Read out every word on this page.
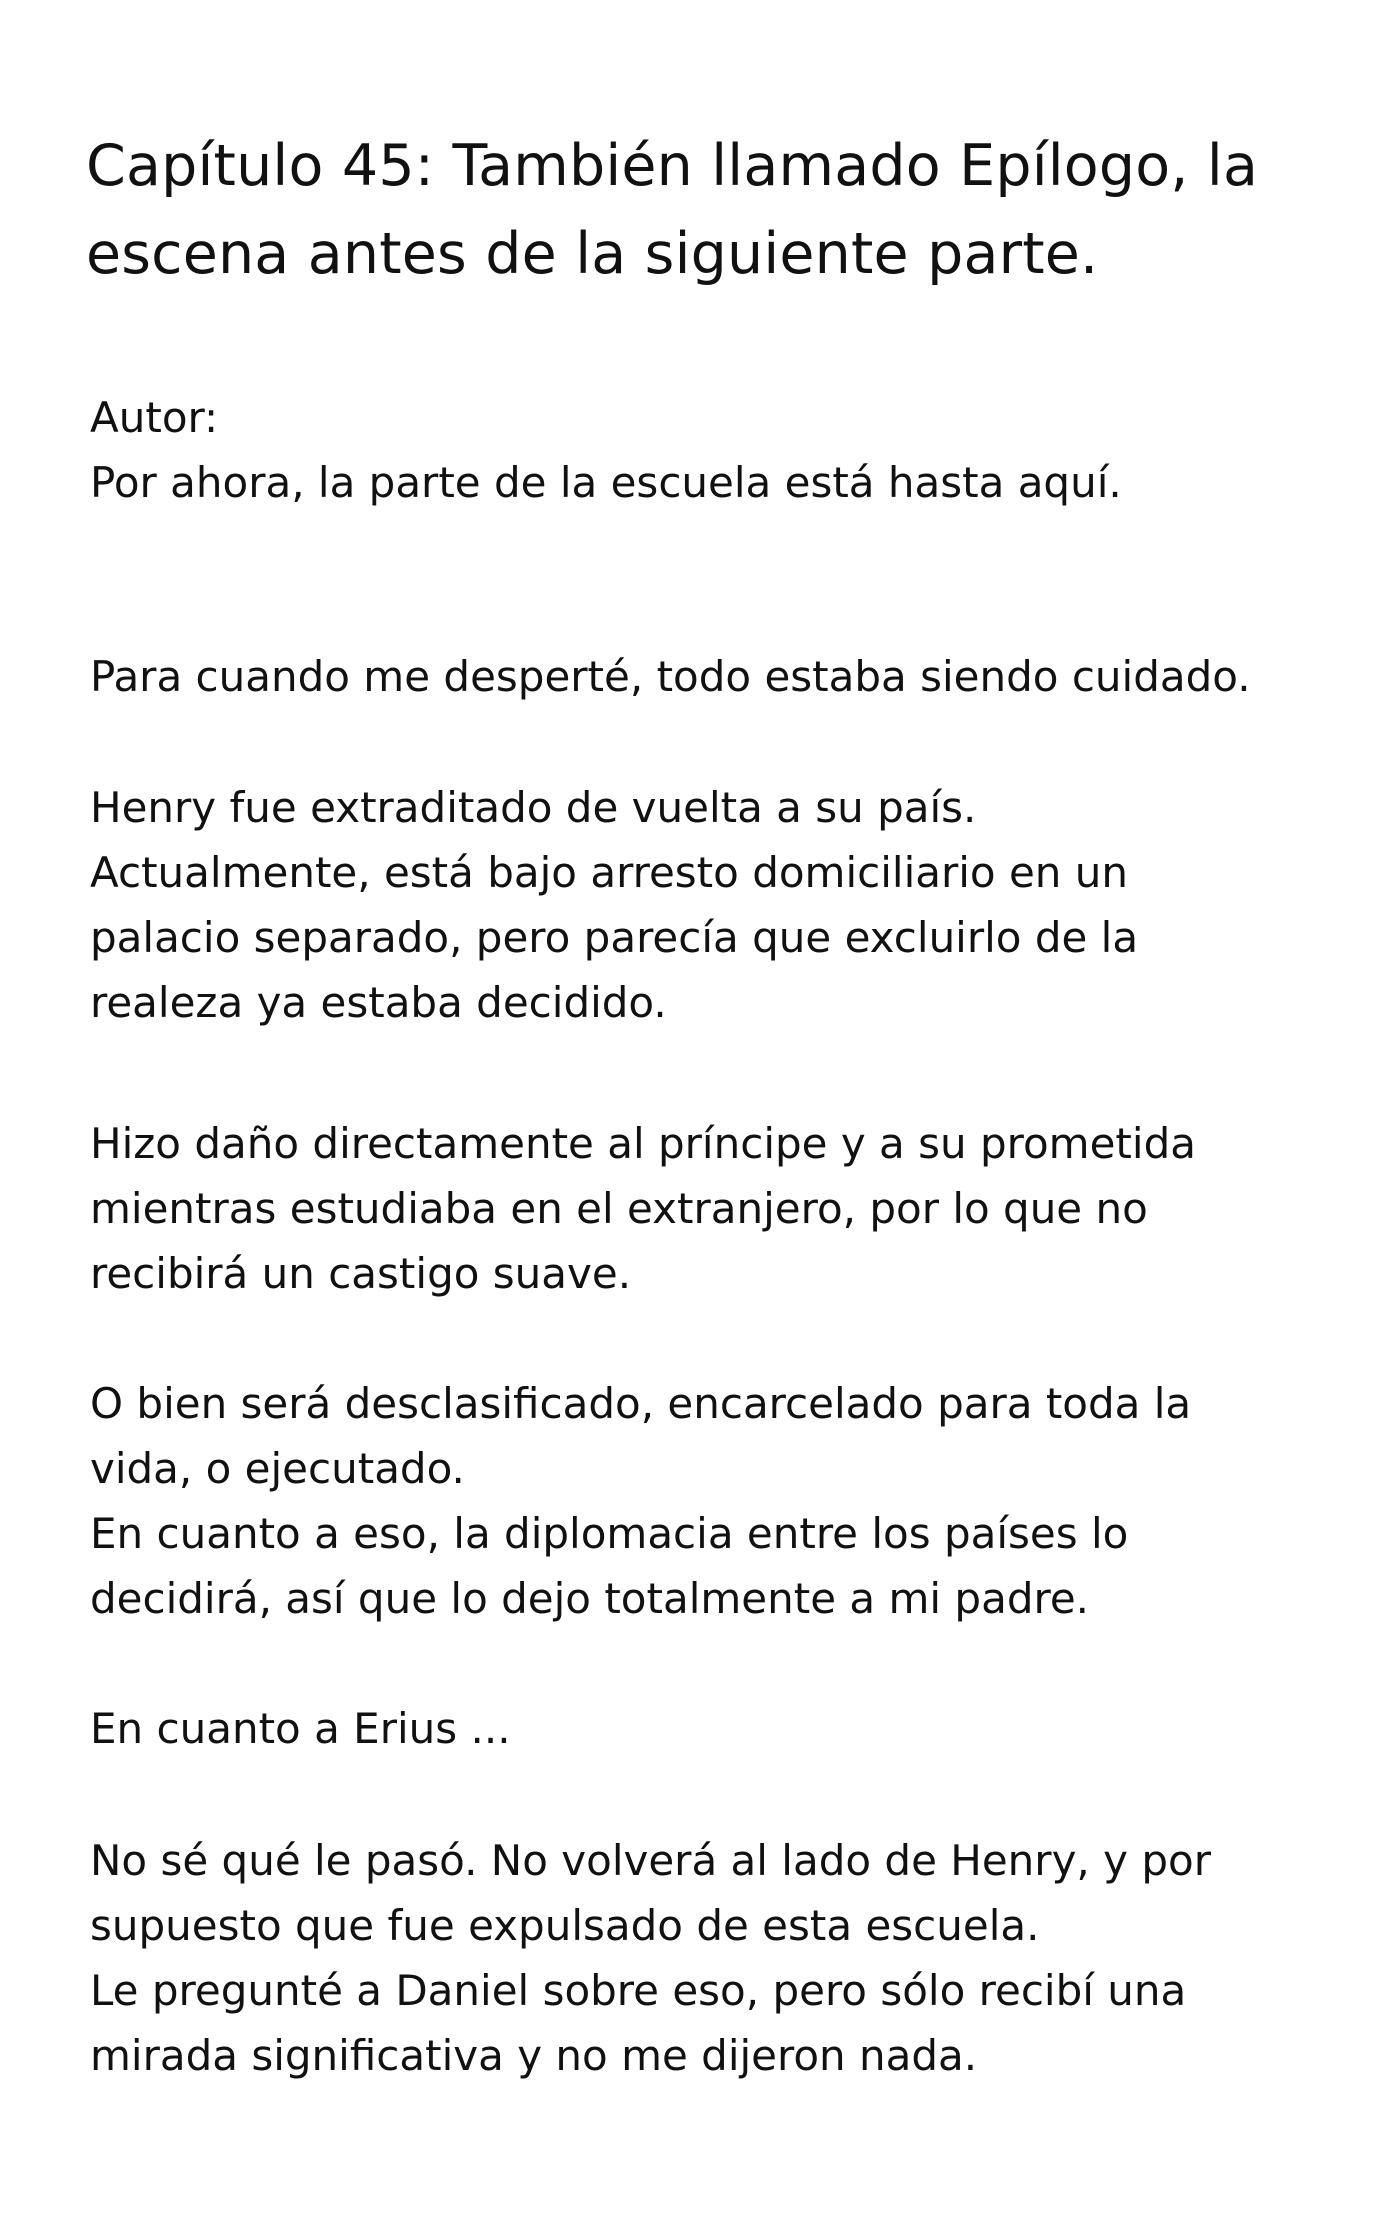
Capítulo 45: También llamado Epílogo, la
escena antes de la siguiente parte.
Autor:
Por ahora, la parte de la escuela está hasta aquí.
Para cuando me desperté, todo estaba siendo cuidado.
Henry fue extraditado de vuelta a su país.
Actualmente, está bajo arresto domiciliario en un
palacio separado, pero parecía que excluirlo de la
realeza ya estaba decidido.
Hizo daño directamente al príncipe y a su prometida
mientras estudiaba en el extranjero, por lo que no
recibirá un castigo suave.
O bien será desclasificado, encarcelado para toda la
vida, o ejecutado.
En cuanto a eso, la diplomacia entre los países lo
decidirá, así que lo dejo totalmente a mi padre.
En cuanto a Erius ...
No sé qué le pasó. No volverá al lado de Henry, y por
supuesto que fue expulsado de esta escuela.
Le pregunté a Daniel sobre eso, pero sólo recibí una
mirada significativa y no me dijeron nada.
